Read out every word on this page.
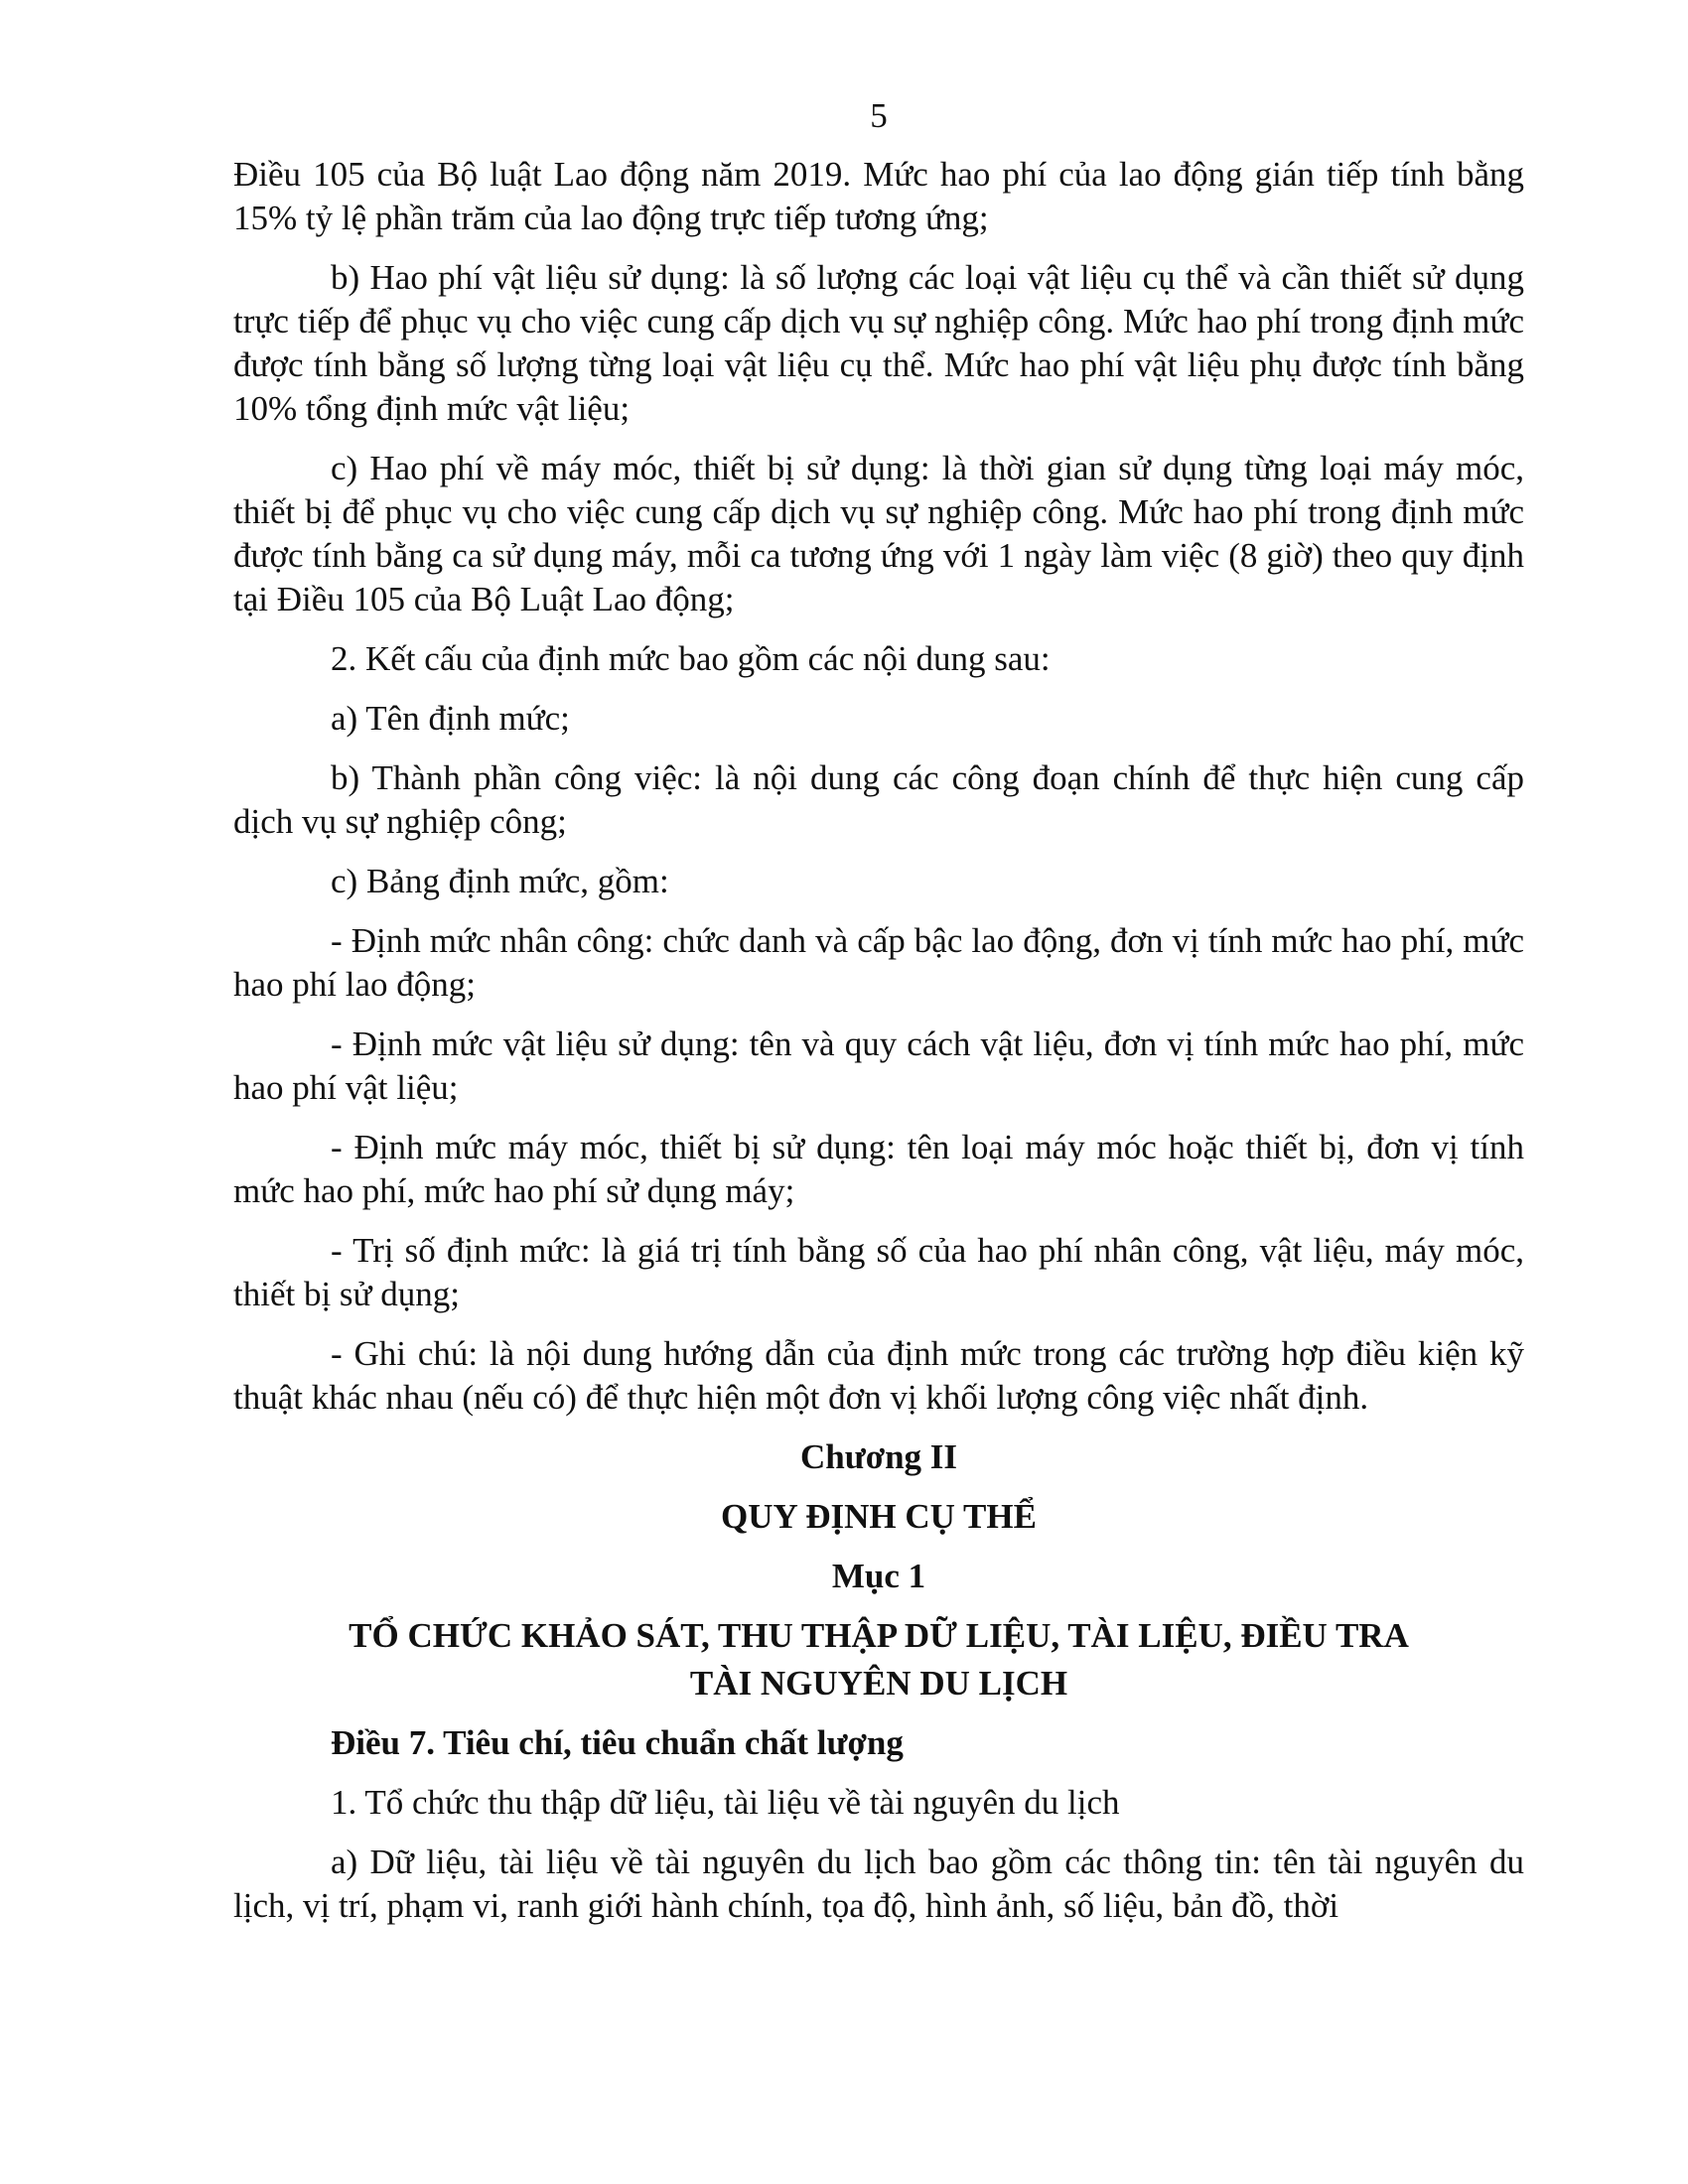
5

Điều 105 của Bộ luật Lao động năm 2019. Mức hao phí của lao động gián tiếp tính bằng 15% tỷ lệ phần trăm của lao động trực tiếp tương ứng;

b) Hao phí vật liệu sử dụng: là số lượng các loại vật liệu cụ thể và cần thiết sử dụng trực tiếp để phục vụ cho việc cung cấp dịch vụ sự nghiệp công. Mức hao phí trong định mức được tính bằng số lượng từng loại vật liệu cụ thể. Mức hao phí vật liệu phụ được tính bằng 10% tổng định mức vật liệu;

c) Hao phí về máy móc, thiết bị sử dụng: là thời gian sử dụng từng loại máy móc, thiết bị để phục vụ cho việc cung cấp dịch vụ sự nghiệp công. Mức hao phí trong định mức được tính bằng ca sử dụng máy, mỗi ca tương ứng với 1 ngày làm việc (8 giờ) theo quy định tại Điều 105 của Bộ Luật Lao động;

2. Kết cấu của định mức bao gồm các nội dung sau:

a) Tên định mức;

b) Thành phần công việc: là nội dung các công đoạn chính để thực hiện cung cấp dịch vụ sự nghiệp công;

c) Bảng định mức, gồm:

- Định mức nhân công: chức danh và cấp bậc lao động, đơn vị tính mức hao phí, mức hao phí lao động;

- Định mức vật liệu sử dụng: tên và quy cách vật liệu, đơn vị tính mức hao phí, mức hao phí vật liệu;

- Định mức máy móc, thiết bị sử dụng: tên loại máy móc hoặc thiết bị, đơn vị tính mức hao phí, mức hao phí sử dụng máy;

- Trị số định mức: là giá trị tính bằng số của hao phí nhân công, vật liệu, máy móc, thiết bị sử dụng;

- Ghi chú: là nội dung hướng dẫn của định mức trong các trường hợp điều kiện kỹ thuật khác nhau (nếu có) để thực hiện một đơn vị khối lượng công việc nhất định.

Chương II
QUY ĐỊNH CỤ THỂ
Mục 1
TỔ CHỨC KHẢO SÁT, THU THẬP DỮ LIỆU, TÀI LIỆU, ĐIỀU TRA
TÀI NGUYÊN DU LỊCH
Điều 7. Tiêu chí, tiêu chuẩn chất lượng

1. Tổ chức thu thập dữ liệu, tài liệu về tài nguyên du lịch

a) Dữ liệu, tài liệu về tài nguyên du lịch bao gồm các thông tin: tên tài nguyên du lịch, vị trí, phạm vi, ranh giới hành chính, tọa độ, hình ảnh, số liệu, bản đồ, thời
